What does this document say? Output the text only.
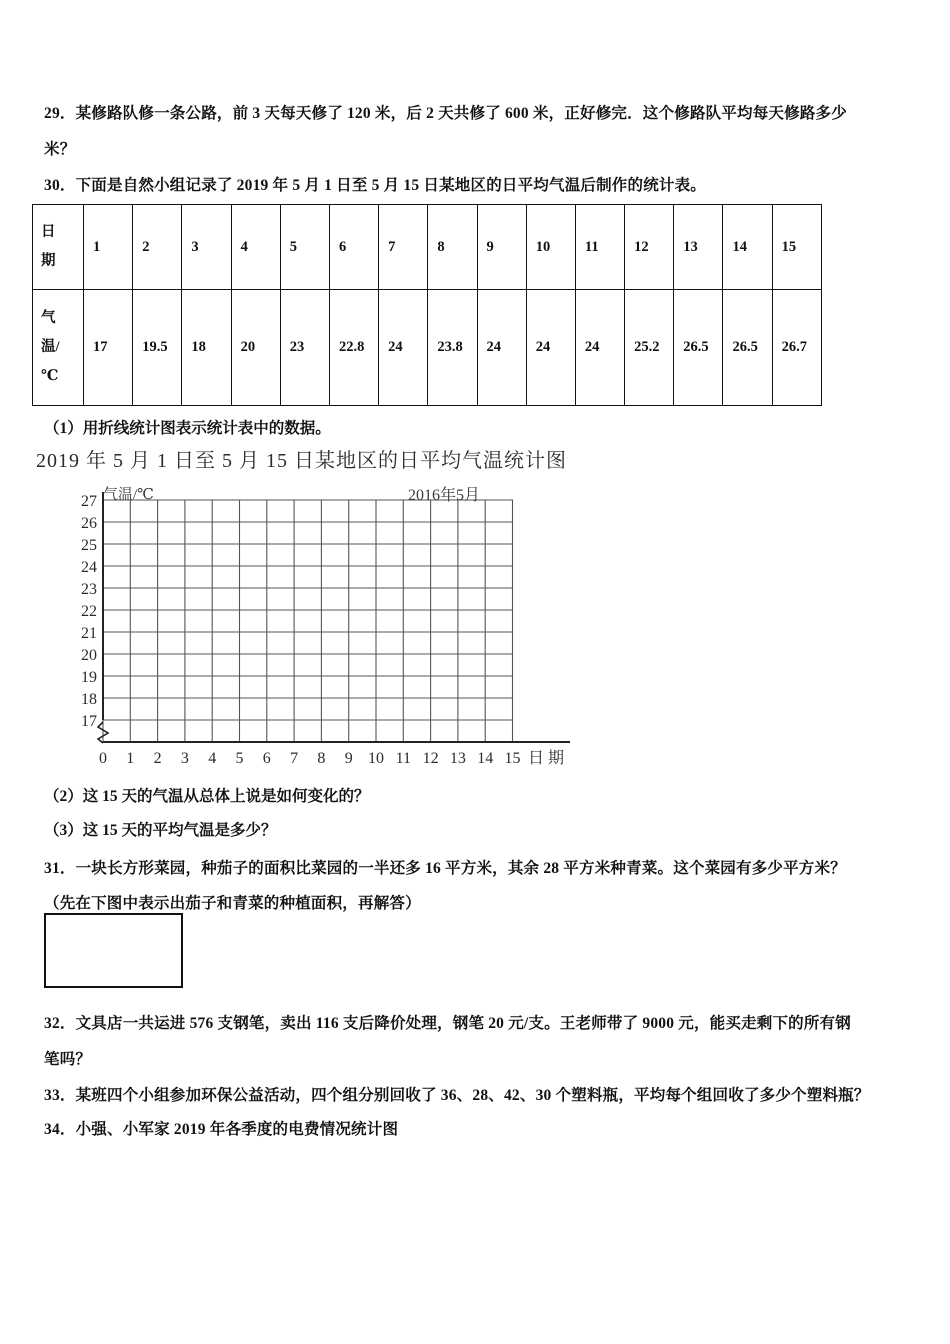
29．某修路队修一条公路，前 3 天每天修了 120 米，后 2 天共修了 600 米，正好修完．这个修路队平均每天修路多少
米？
30．下面是自然小组记录了 2019 年 5 月 1 日至 5 月 15 日某地区的日平均气温后制作的统计表。
日
期	1	2	3	4	5	6	7	8	9	10	11	12	13	14	15

气
温/
℃	17	19.5	18	20	23	22.8	24	23.8	24	24	24	25.2	26.5	26.5	26.7
（1）用折线统计图表示统计表中的数据。
2019 年 5 月 1 日至 5 月 15 日某地区的日平均气温统计图
气温/℃	2016年5月
27
26
25
24
23
22
21
20
19
18
17
0 1 2 3 4 5 6 7 8 9 10 11 12 13 14 15 日 期
（2）这 15 天的气温从总体上说是如何变化的？
（3）这 15 天的平均气温是多少？
31．一块长方形菜园，种茄子的面积比菜园的一半还多 16 平方米，其余 28 平方米种青菜。这个菜园有多少平方米？
（先在下图中表示出茄子和青菜的种植面积，再解答）
32．文具店一共运进 576 支钢笔，卖出 116 支后降价处理，钢笔 20 元/支。王老师带了 9000 元，能买走剩下的所有钢
笔吗？
33．某班四个小组参加环保公益活动，四个组分别回收了 36、28、42、30 个塑料瓶，平均每个组回收了多少个塑料瓶？
34．小强、小军家 2019 年各季度的电费情况统计图
